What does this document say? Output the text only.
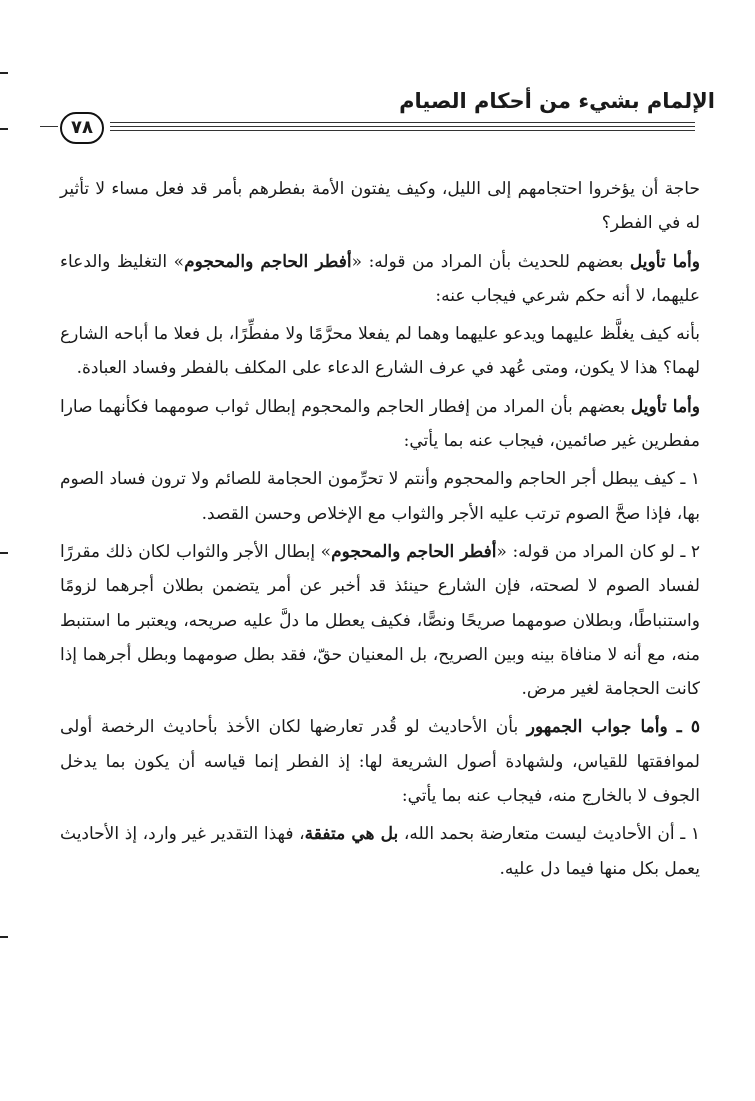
الإلمام بشيء من أحكام الصيام
٧٨

حاجة أن يؤخروا احتجامهم إلى الليل، وكيف يفتون الأمة بفطرهم بأمر قد فعل مساء لا تأثير له في الفطر؟

وأما تأويل بعضهم للحديث بأن المراد من قوله: «أفطر الحاجم والمحجوم» التغليظ والدعاء عليهما، لا أنه حكم شرعي فيجاب عنه:

بأنه كيف يغلَّظ عليهما ويدعو عليهما وهما لم يفعلا محرَّمًا ولا مفطِّرًا، بل فعلا ما أباحه الشارع لهما؟ هذا لا يكون، ومتى عُهد في عرف الشارع الدعاء على المكلف بالفطر وفساد العبادة.

وأما تأويل بعضهم بأن المراد من إفطار الحاجم والمحجوم إبطال ثواب صومهما فكأنهما صارا مفطرين غير صائمين، فيجاب عنه بما يأتي:

١ ـ كيف يبطل أجر الحاجم والمحجوم وأنتم لا تحرِّمون الحجامة للصائم ولا ترون فساد الصوم بها، فإذا صحَّ الصوم ترتب عليه الأجر والثواب مع الإخلاص وحسن القصد.

٢ ـ لو كان المراد من قوله: «أفطر الحاجم والمحجوم» إبطال الأجر والثواب لكان ذلك مقررًا لفساد الصوم لا لصحته، فإن الشارع حينئذ قد أخبر عن أمر يتضمن بطلان أجرهما لزومًا واستنباطًا، وبطلان صومهما صريحًا ونصًّا، فكيف يعطل ما دلَّ عليه صريحه، ويعتبر ما استنبط منه، مع أنه لا منافاة بينه وبين الصريح، بل المعنيان حقّ، فقد بطل صومهما وبطل أجرهما إذا كانت الحجامة لغير مرض.

٥ ـ وأما جواب الجمهور بأن الأحاديث لو قُدر تعارضها لكان الأخذ بأحاديث الرخصة أولى لموافقتها للقياس، ولشهادة أصول الشريعة لها: إذ الفطر إنما قياسه أن يكون بما يدخل الجوف لا بالخارج منه، فيجاب عنه بما يأتي:

١ ـ أن الأحاديث ليست متعارضة بحمد الله، بل هي متفقة، فهذا التقدير غير وارد، إذ الأحاديث يعمل بكل منها فيما دل عليه.
